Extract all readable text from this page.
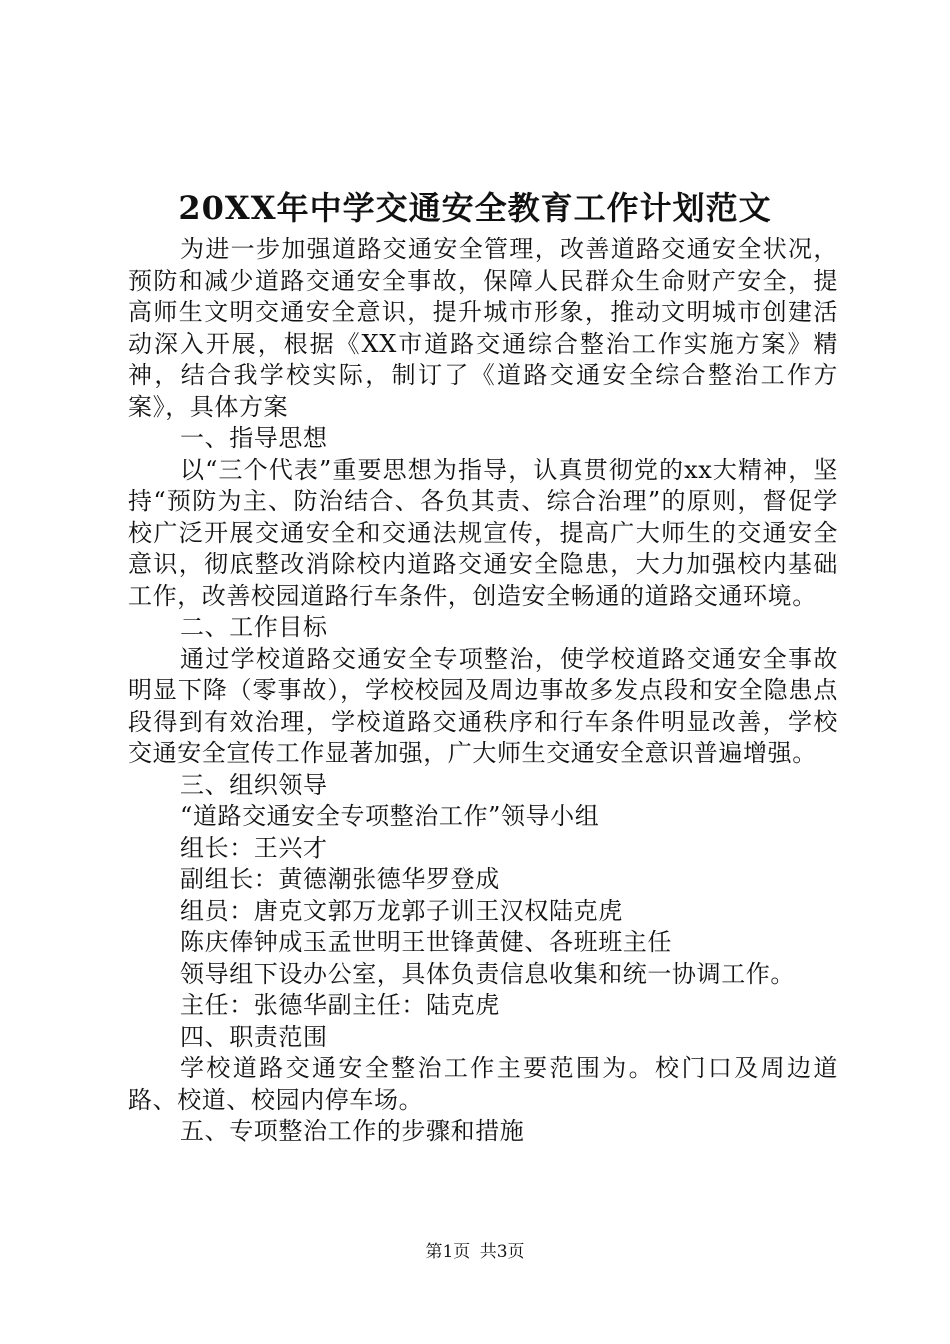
20XX年中学交通安全教育工作计划范文

为进一步加强道路交通安全管理，改善道路交通安全状况，预防和减少道路交通安全事故，保障人民群众生命财产安全，提高师生文明交通安全意识，提升城市形象，推动文明城市创建活动深入开展，根据《XX市道路交通综合整治工作实施方案》精神，结合我学校实际，制订了《道路交通安全综合整治工作方案》，具体方案

一、指导思想

以“三个代表”重要思想为指导，认真贯彻党的xx大精神，坚持“预防为主、防治结合、各负其责、综合治理”的原则，督促学校广泛开展交通安全和交通法规宣传，提高广大师生的交通安全意识，彻底整改消除校内道路交通安全隐患，大力加强校内基础工作，改善校园道路行车条件，创造安全畅通的道路交通环境。

二、工作目标

通过学校道路交通安全专项整治，使学校道路交通安全事故明显下降（零事故），学校校园及周边事故多发点段和安全隐患点段得到有效治理，学校道路交通秩序和行车条件明显改善，学校交通安全宣传工作显著加强，广大师生交通安全意识普遍增强。

三、组织领导

“道路交通安全专项整治工作”领导小组

组长：王兴才

副组长：黄德潮张德华罗登成

组员：唐克文郭万龙郭子训王汉权陆克虎

陈庆俸钟成玉孟世明王世锋黄健、各班班主任

领导组下设办公室，具体负责信息收集和统一协调工作。

主任：张德华副主任：陆克虎

四、职责范围

学校道路交通安全整治工作主要范围为。校门口及周边道路、校道、校园内停车场。

五、专项整治工作的步骤和措施

第1页 共3页
